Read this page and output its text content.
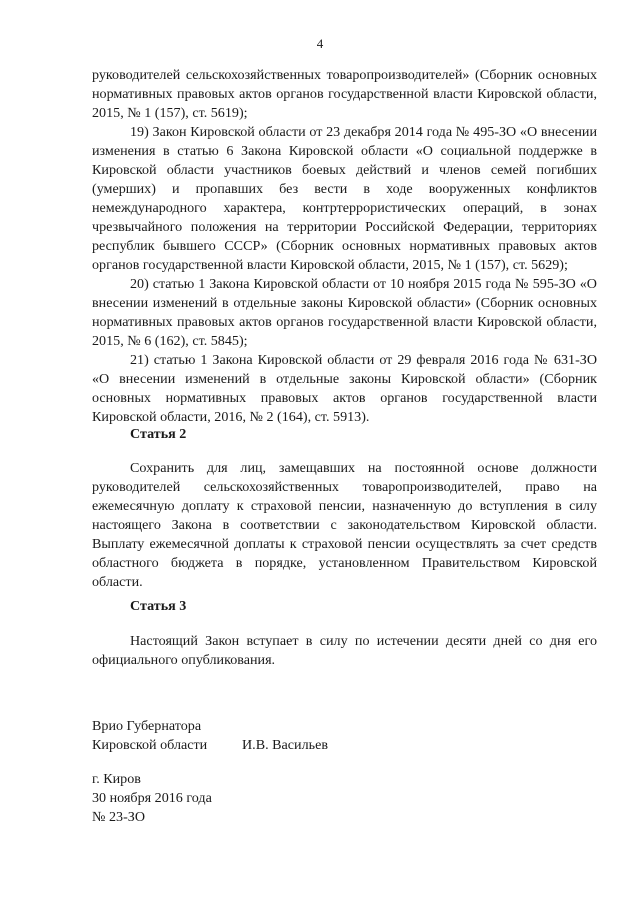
4

руководителей сельскохозяйственных товаропроизводителей» (Сборник основных нормативных правовых актов органов государственной власти Кировской области, 2015, № 1 (157), ст. 5619);

19) Закон Кировской области от 23 декабря 2014 года № 495-ЗО «О внесении изменения в статью 6 Закона Кировской области «О социальной поддержке в Кировской области участников боевых действий и членов семей погибших (умерших) и пропавших без вести в ходе вооруженных конфликтов немеждународного характера, контртеррористических операций, в зонах чрезвычайного положения на территории Российской Федерации, территориях республик бывшего СССР» (Сборник основных нормативных правовых актов органов государственной власти Кировской области, 2015, № 1 (157), ст. 5629);

20) статью 1 Закона Кировской области от 10 ноября 2015 года № 595-ЗО «О внесении изменений в отдельные законы Кировской области» (Сборник основных нормативных правовых актов органов государственной власти Кировской области, 2015, № 6 (162), ст. 5845);

21) статью 1 Закона Кировской области от 29 февраля 2016 года № 631-ЗО «О внесении изменений в отдельные законы Кировской области» (Сборник основных нормативных правовых актов органов государственной власти Кировской области, 2016, № 2 (164), ст. 5913).

Статья 2

Сохранить для лиц, замещавших на постоянной основе должности руководителей сельскохозяйственных товаропроизводителей, право на ежемесячную доплату к страховой пенсии, назначенную до вступления в силу настоящего Закона в соответствии с законодательством Кировской области. Выплату ежемесячной доплаты к страховой пенсии осуществлять за счет средств областного бюджета в порядке, установленном Правительством Кировской области.

Статья 3

Настоящий Закон вступает в силу по истечении десяти дней со дня его официального опубликования.

Врио Губернатора
Кировской области И.В. Васильев
г. Киров
30 ноября 2016 года
№ 23-ЗО
